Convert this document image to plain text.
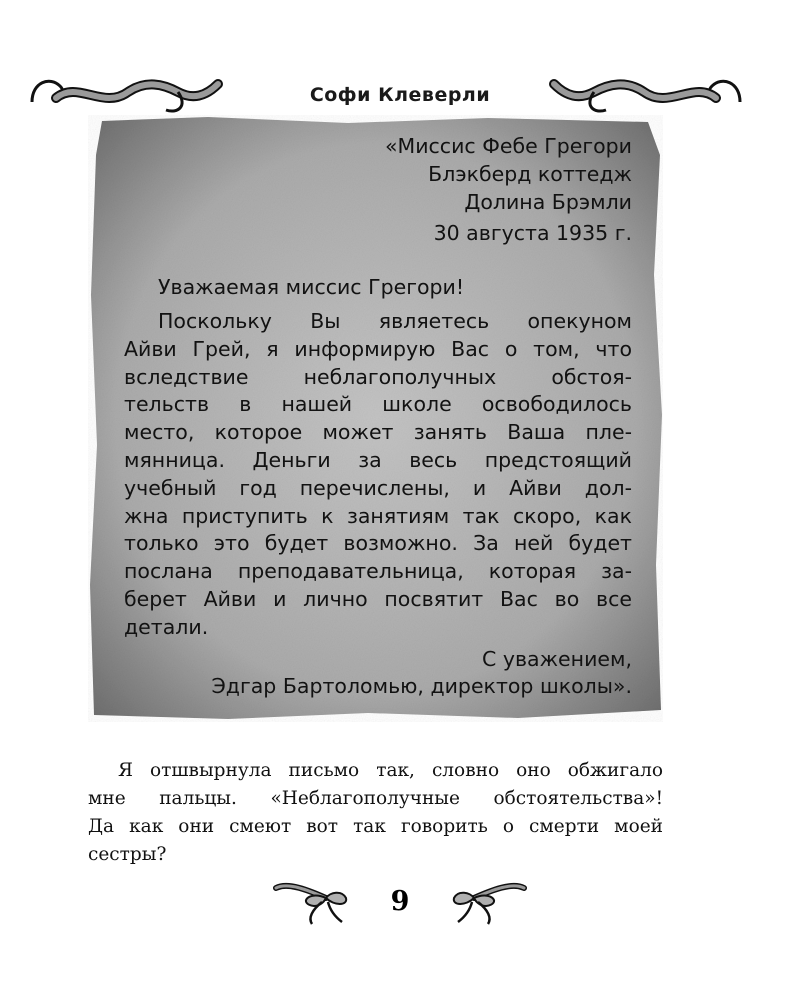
Софи Клеверли
«Миссис Фебе Грегори
Блэкберд коттедж
Долина Брэмли
30 августа 1935 г.
Уважаемая миссис Грегори!

Поскольку Вы являетесь опекуном

Айви Грей, я информирую Вас о том, что

вследствие неблагополучных обстоя-

тельств в нашей школе освободилось

место, которое может занять Ваша пле-

мянница. Деньги за весь предстоящий

учебный год перечислены, и Айви дол-

жна приступить к занятиям так скоро, как

только это будет возможно. За ней будет

послана преподавательница, которая за-

берет Айви и лично посвятит Вас во все

детали.

С уважением,
Эдгар Бартоломью, директор школы».

Я отшвырнула письмо так, словно оно обжигало

мне пальцы. «Неблагополучные обстоятельства»!

Да как они смеют вот так говорить о смерти моей

сестры?

9
